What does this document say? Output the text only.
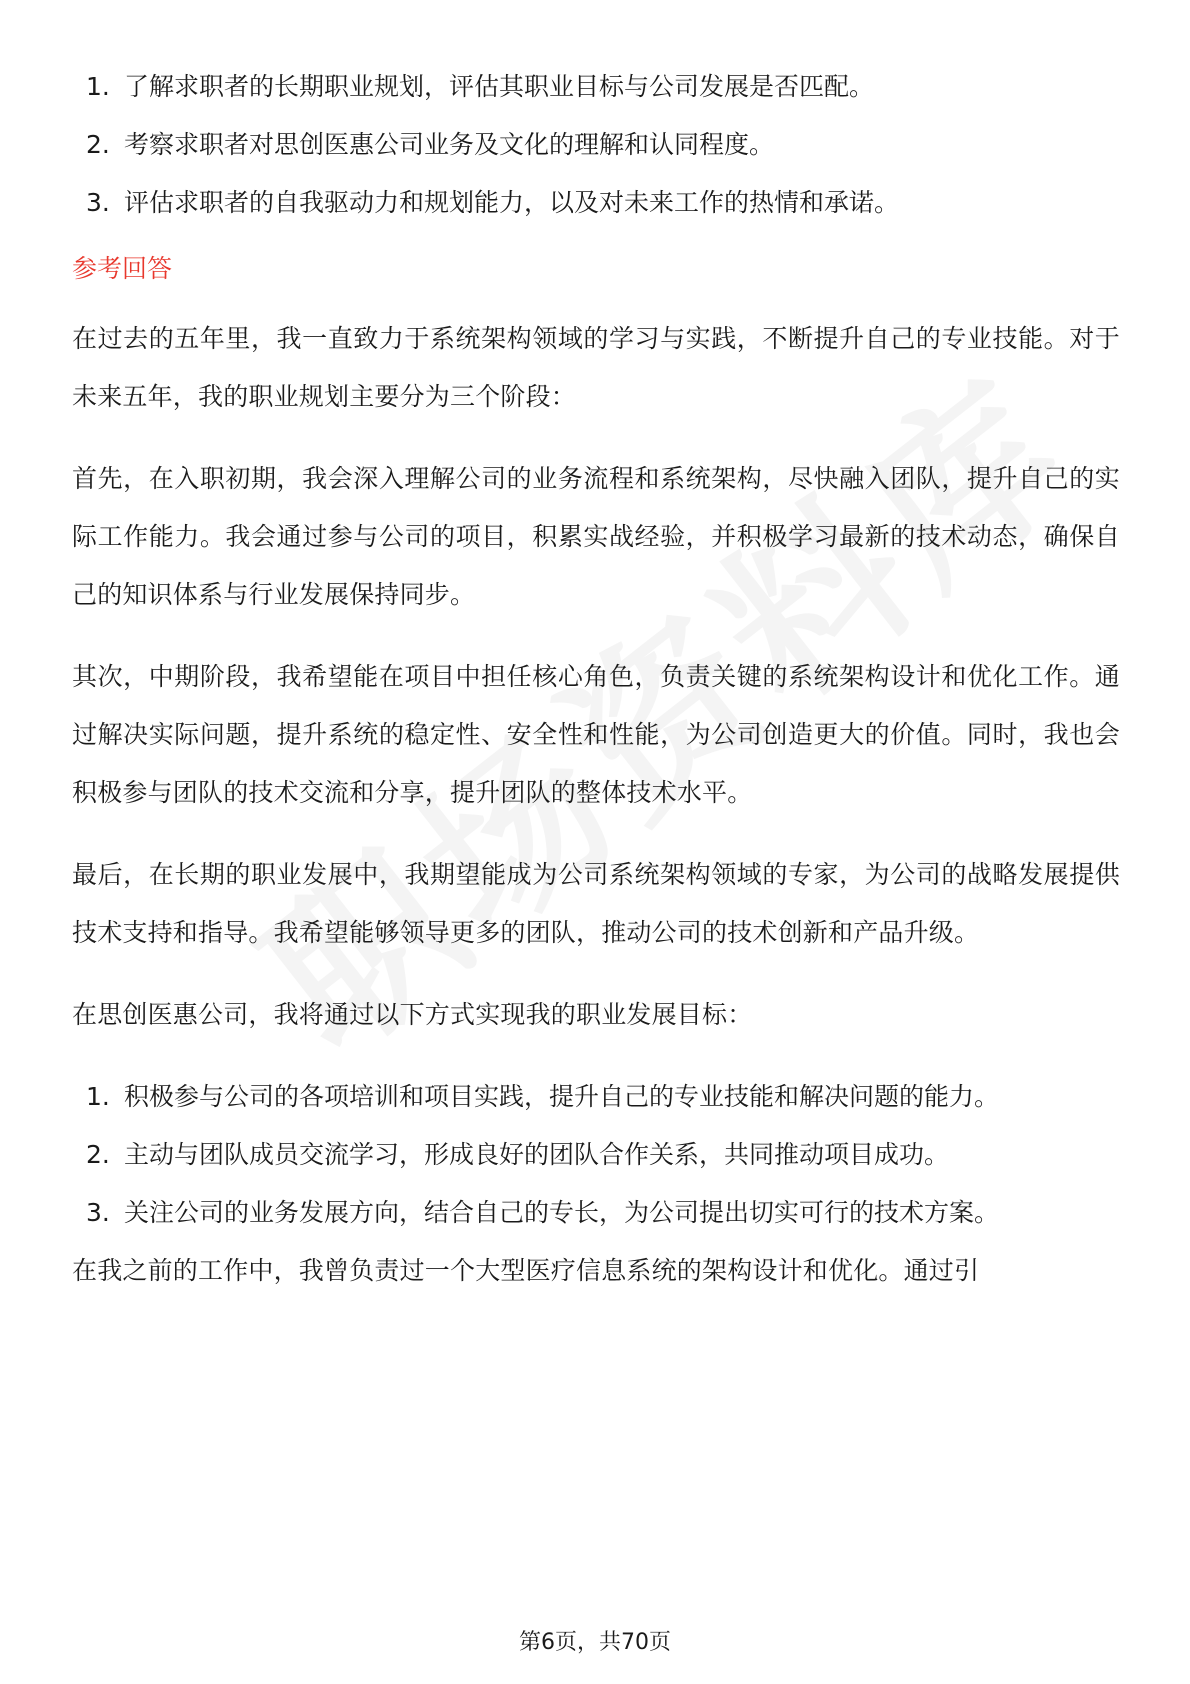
1. 了解求职者的长期职业规划，评估其职业目标与公司发展是否匹配。
2. 考察求职者对思创医惠公司业务及文化的理解和认同程度。
3. 评估求职者的自我驱动力和规划能力，以及对未来工作的热情和承诺。
参考回答

在过去的五年里，我一直致力于系统架构领域的学习与实践，不断提升自己的专业技能。对于未来五年，我的职业规划主要分为三个阶段：

首先，在入职初期，我会深入理解公司的业务流程和系统架构，尽快融入团队，提升自己的实际工作能力。我会通过参与公司的项目，积累实战经验，并积极学习最新的技术动态，确保自己的知识体系与行业发展保持同步。

其次，中期阶段，我希望能在项目中担任核心角色，负责关键的系统架构设计和优化工作。通过解决实际问题，提升系统的稳定性、安全性和性能，为公司创造更大的价值。同时，我也会积极参与团队的技术交流和分享，提升团队的整体技术水平。

最后，在长期的职业发展中，我期望能成为公司系统架构领域的专家，为公司的战略发展提供技术支持和指导。我希望能够领导更多的团队，推动公司的技术创新和产品升级。

在思创医惠公司，我将通过以下方式实现我的职业发展目标：

1. 积极参与公司的各项培训和项目实践，提升自己的专业技能和解决问题的能力。
2. 主动与团队成员交流学习，形成良好的团队合作关系，共同推动项目成功。
3. 关注公司的业务发展方向，结合自己的专长，为公司提出切实可行的技术方案。

在我之前的工作中，我曾负责过一个大型医疗信息系统的架构设计和优化。通过引

第6页，共70页
